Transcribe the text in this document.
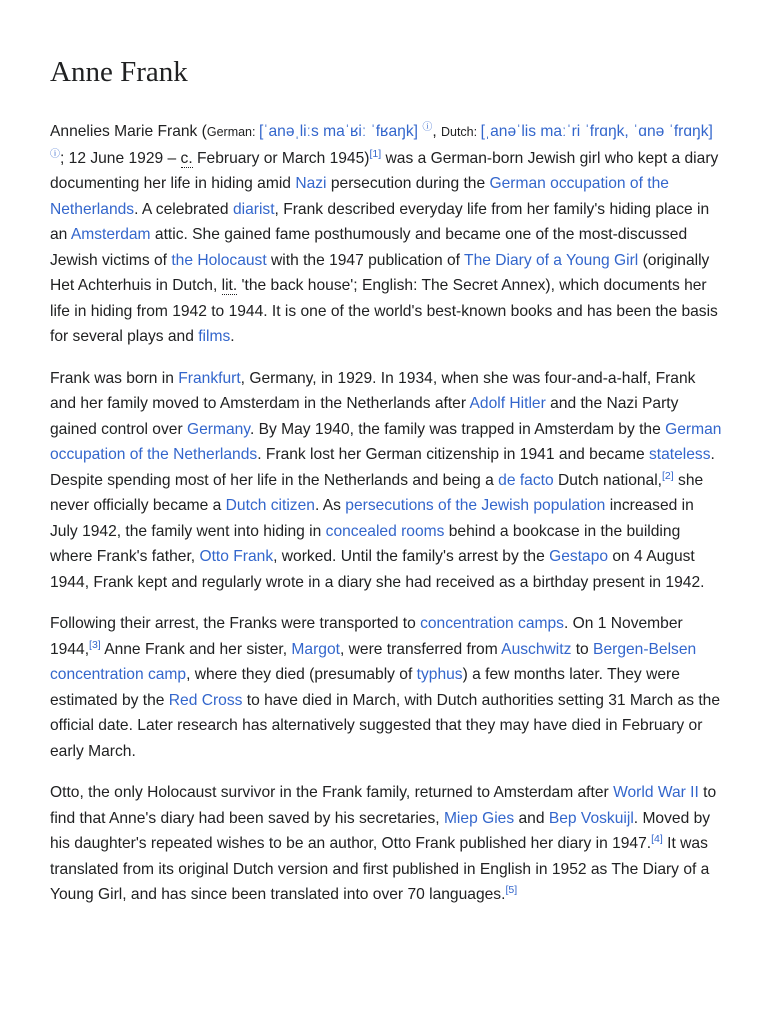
Anne Frank

Annelies Marie Frank (German: [ˈanəˌliːs maˈʁiː ˈfʁaŋk] ⓘ, Dutch: [ˌanəˈlis maːˈri ˈfrɑŋk, ˈɑnə ˈfrɑŋk] ⓘ; 12 June 1929 – c. February or March 1945)[1] was a German-born Jewish girl who kept a diary documenting her life in hiding amid Nazi persecution during the German occupation of the Netherlands. A celebrated diarist, Frank described everyday life from her family's hiding place in an Amsterdam attic. She gained fame posthumously and became one of the most-discussed Jewish victims of the Holocaust with the 1947 publication of The Diary of a Young Girl (originally Het Achterhuis in Dutch, lit. 'the back house'; English: The Secret Annex), which documents her life in hiding from 1942 to 1944. It is one of the world's best-known books and has been the basis for several plays and films.

Frank was born in Frankfurt, Germany, in 1929. In 1934, when she was four-and-a-half, Frank and her family moved to Amsterdam in the Netherlands after Adolf Hitler and the Nazi Party gained control over Germany. By May 1940, the family was trapped in Amsterdam by the German occupation of the Netherlands. Frank lost her German citizenship in 1941 and became stateless. Despite spending most of her life in the Netherlands and being a de facto Dutch national,[2] she never officially became a Dutch citizen. As persecutions of the Jewish population increased in July 1942, the family went into hiding in concealed rooms behind a bookcase in the building where Frank's father, Otto Frank, worked. Until the family's arrest by the Gestapo on 4 August 1944, Frank kept and regularly wrote in a diary she had received as a birthday present in 1942.

Following their arrest, the Franks were transported to concentration camps. On 1 November 1944,[3] Anne Frank and her sister, Margot, were transferred from Auschwitz to Bergen-Belsen concentration camp, where they died (presumably of typhus) a few months later. They were estimated by the Red Cross to have died in March, with Dutch authorities setting 31 March as the official date. Later research has alternatively suggested that they may have died in February or early March.

Otto, the only Holocaust survivor in the Frank family, returned to Amsterdam after World War II to find that Anne's diary had been saved by his secretaries, Miep Gies and Bep Voskuijl. Moved by his daughter's repeated wishes to be an author, Otto Frank published her diary in 1947.[4] It was translated from its original Dutch version and first published in English in 1952 as The Diary of a Young Girl, and has since been translated into over 70 languages.[5]
